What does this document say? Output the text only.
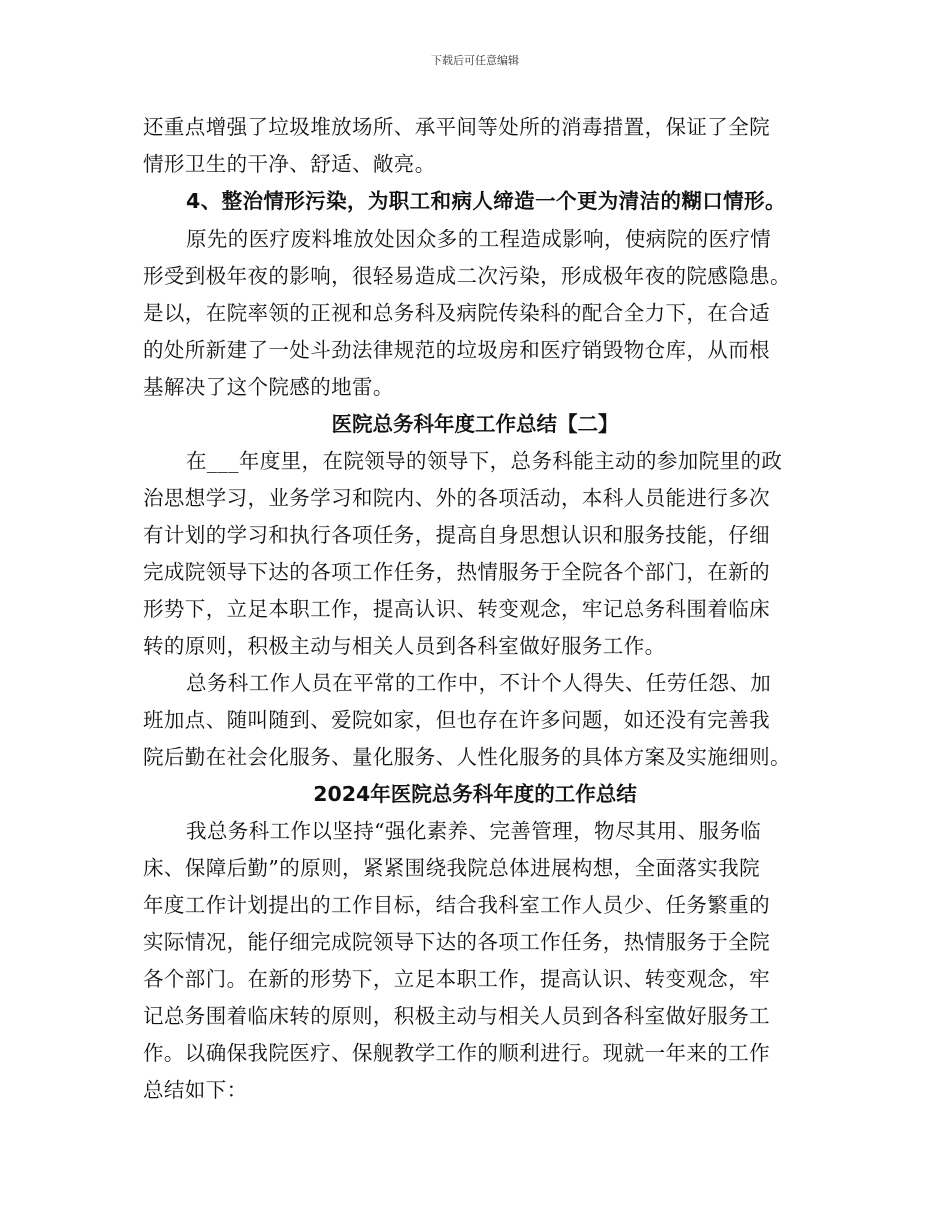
下载后可任意编辑
还重点增强了垃圾堆放场所、承平间等处所的消毒措置，保证了全院
情形卫生的干净、舒适、敞亮。
4、整治情形污染，为职工和病人缔造一个更为清洁的糊口情形。
原先的医疗废料堆放处因众多的工程造成影响，使病院的医疗情
形受到极年夜的影响，很轻易造成二次污染，形成极年夜的院感隐患。
是以，在院率领的正视和总务科及病院传染科的配合全力下，在合适
的处所新建了一处斗劲法律规范的垃圾房和医疗销毁物仓库，从而根
基解决了这个院感的地雷。
医院总务科年度工作总结【二】
在___年度里，在院领导的领导下，总务科能主动的参加院里的政
治思想学习，业务学习和院内、外的各项活动，本科人员能进行多次
有计划的学习和执行各项任务，提高自身思想认识和服务技能，仔细
完成院领导下达的各项工作任务，热情服务于全院各个部门，在新的
形势下，立足本职工作，提高认识、转变观念，牢记总务科围着临床
转的原则，积极主动与相关人员到各科室做好服务工作。
总务科工作人员在平常的工作中，不计个人得失、任劳任怨、加
班加点、随叫随到、爱院如家，但也存在许多问题，如还没有完善我
院后勤在社会化服务、量化服务、人性化服务的具体方案及实施细则。
2024年医院总务科年度的工作总结
我总务科工作以坚持“强化素养、完善管理，物尽其用、服务临
床、保障后勤”的原则，紧紧围绕我院总体进展构想，全面落实我院
年度工作计划提出的工作目标，结合我科室工作人员少、任务繁重的
实际情况，能仔细完成院领导下达的各项工作任务，热情服务于全院
各个部门。在新的形势下，立足本职工作，提高认识、转变观念，牢
记总务围着临床转的原则，积极主动与相关人员到各科室做好服务工
作。以确保我院医疗、保舰教学工作的顺利进行。现就一年来的工作
总结如下：
